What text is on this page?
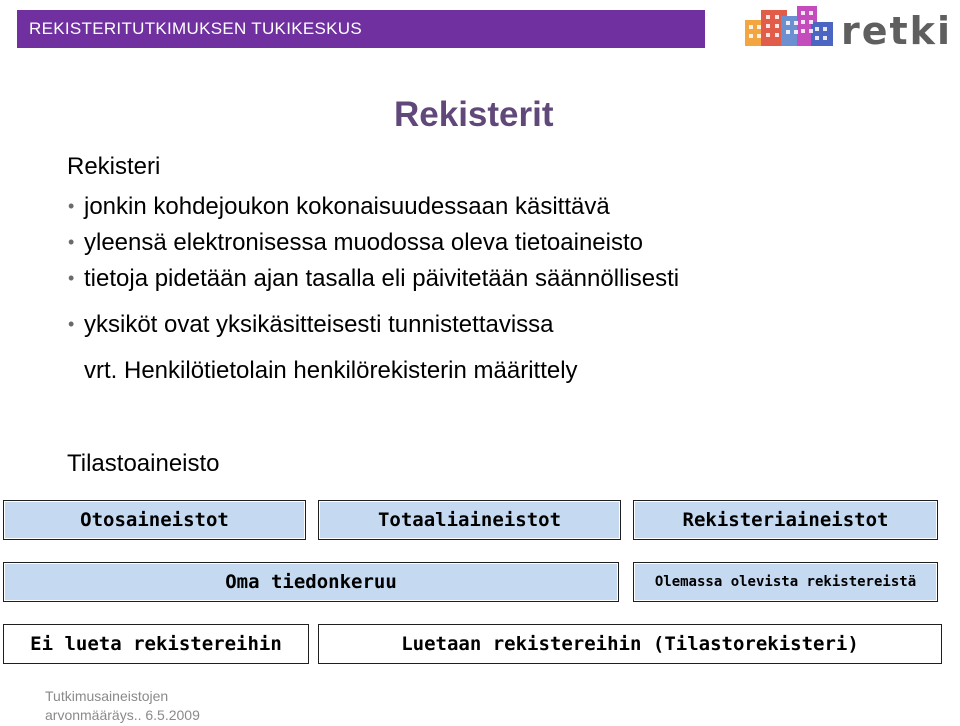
REKISTERITUTKIMUKSEN TUKIKESKUS	retki
Rekisterit
Rekisteri
• jonkin kohdejoukon kokonaisuudessaan käsittävä
• yleensä elektronisessa muodossa oleva tietoaineisto
• tietoja pidetään ajan tasalla eli päivitetään säännöllisesti
• yksiköt ovat yksikäsitteisesti tunnistettavissa
vrt. Henkilötietolain henkilörekisterin määrittely
Tilastoaineisto
Otosaineistot	Totaaliaineistot	Rekisteriaineistot
Oma tiedonkeruu	Olemassa olevista rekistereistä
Ei lueta rekistereihin	Luetaan rekistereihin (Tilastorekisteri)
Tutkimusaineistojen
arvonmääräys.. 6.5.2009
